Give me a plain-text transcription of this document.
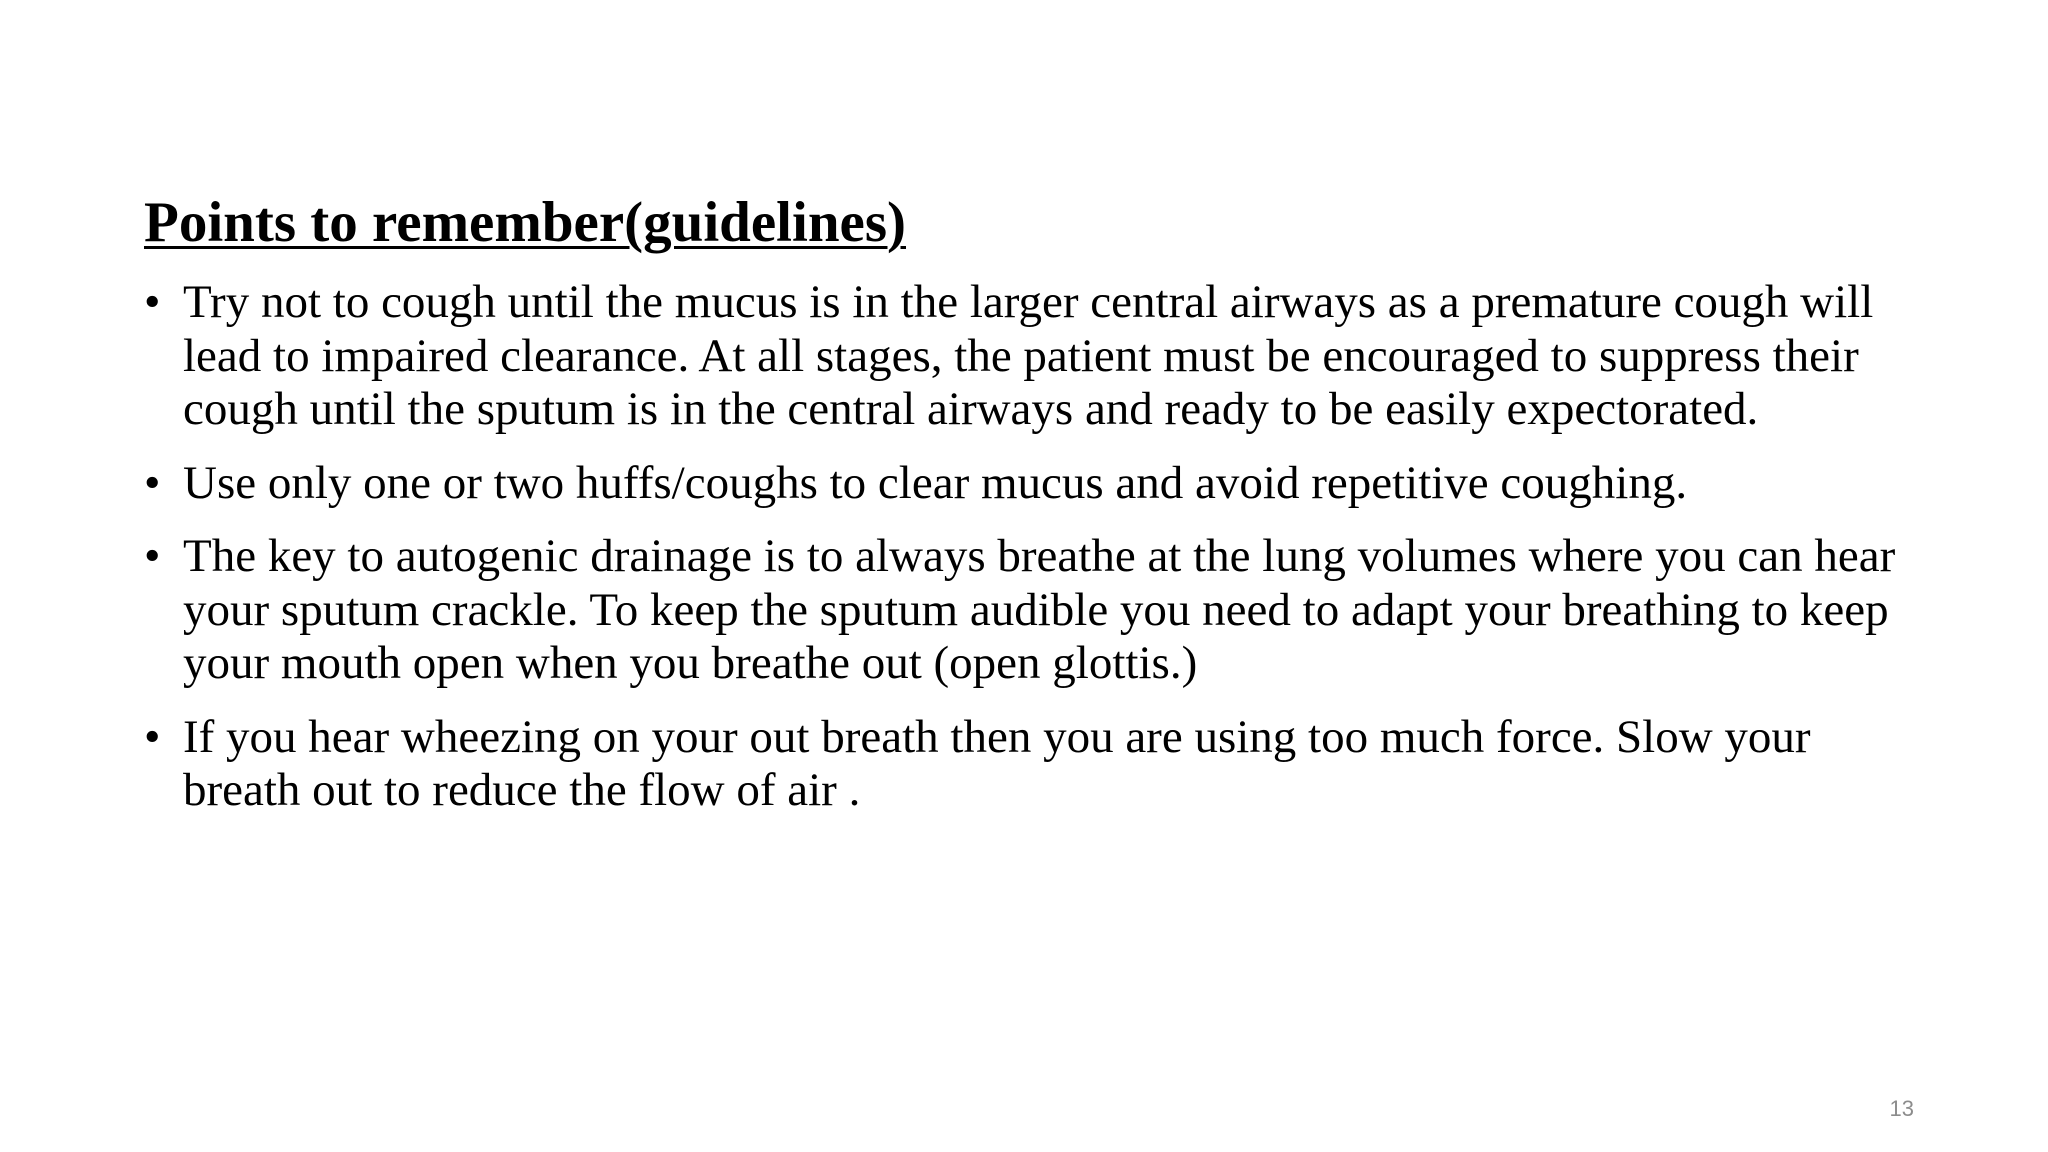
Points to remember(guidelines)
• Try not to cough until the mucus is in the larger central airways as a premature cough will lead to impaired clearance. At all stages, the patient must be encouraged to suppress their cough until the sputum is in the central airways and ready to be easily expectorated.
• Use only one or two huffs/coughs to clear mucus and avoid repetitive coughing.
• The key to autogenic drainage is to always breathe at the lung volumes where you can hear your sputum crackle. To keep the sputum audible you need to adapt your breathing to keep your mouth open when you breathe out (open glottis.)
• If you hear wheezing on your out breath then you are using too much force. Slow your breath out to reduce the flow of air .
13
